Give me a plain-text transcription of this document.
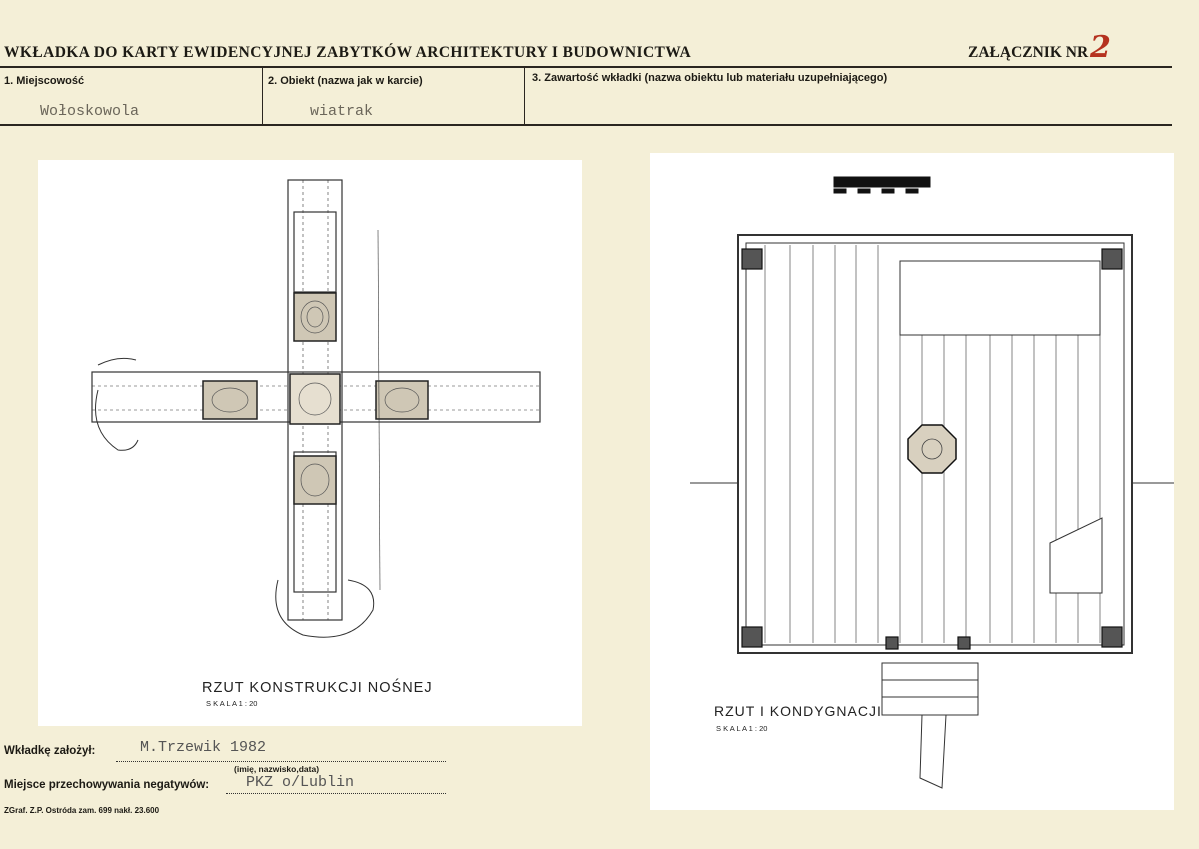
WKŁADKA DO KARTY EWIDENCYJNEJ ZABYTKÓW ARCHITEKTURY I BUDOWNICTWA	ZAŁĄCZNIK NR 2
1. Miejscowość
Wołoskowola
2. Obiekt (nazwa jak w karcie)
wiatrak
3. Zawartość wkładki (nazwa obiektu lub materiału uzupełniającego)
RZUT KONSTRUKCJI NOŚNEJ
S K A L A 1 : 20	RZUT I KONDYGNACJI
S K A L A 1 : 20
Wkładkę założył:	M.Trzewik 1982
(imię, nazwisko,data)
Miejsce przechowywania negatywów: PKZ o/Lublin
ZGraf. Z.P. Ostróda zam. 699 nakł. 23.600
